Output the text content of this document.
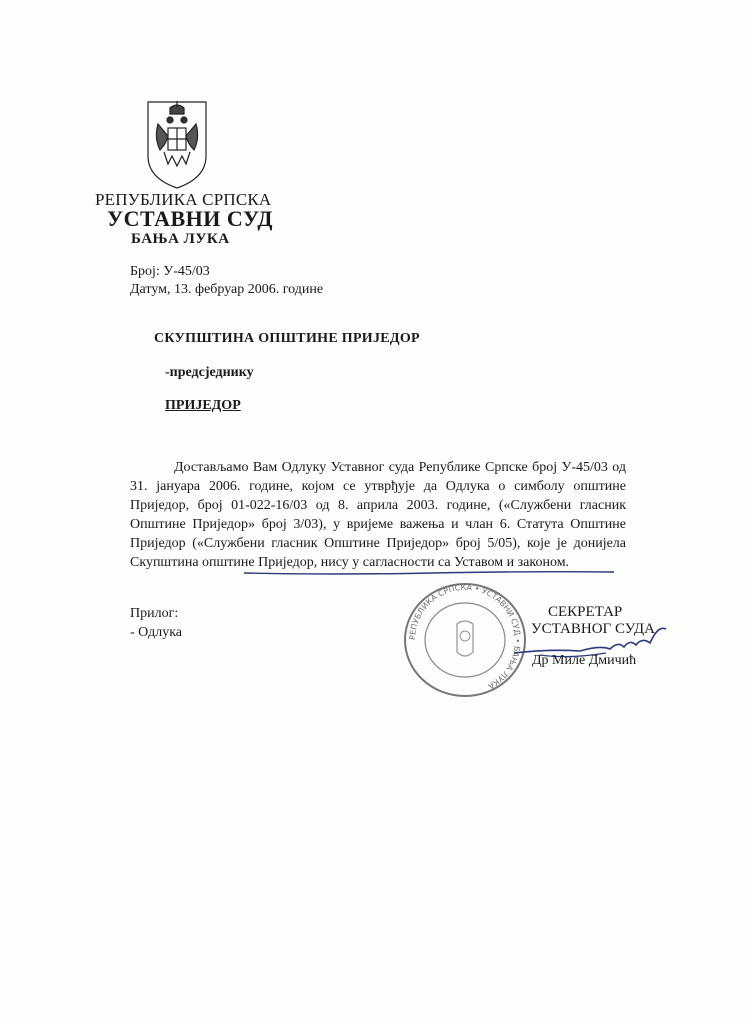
РЕПУБЛИКА СРПСКА
УСТАВНИ СУД
БАЊА ЛУКА
Број: У-45/03
Датум, 13. фебруар 2006. године
СКУПШТИНА ОПШТИНЕ ПРИЈЕДОР
-предсједнику
ПРИЈЕДОР

Достављамо Вам Одлуку Уставног суда Републике Српске број У-45/03 од 31. јануара 2006. године, којом се утврђује да Одлука о симболу општине Приједор, број 01-022-16/03 од 8. априла 2003. године, («Службени гласник Општине Приједор» број 3/03), у вријеме важења и члан 6. Статута Општине Приједор («Службени гласник Општине Приједор» број 5/05), које је донијела Скупштина општине Приједор, нису у сагласности са Уставом и законом.

Прилог:
- Одлука	РЕПУБЛИКА СРПСКА • УСТАВНИ СУД • БАЊА ЛУКА
СЕКРЕТАР
УСТАВНОГ СУДА
Др Миле Дмичић
